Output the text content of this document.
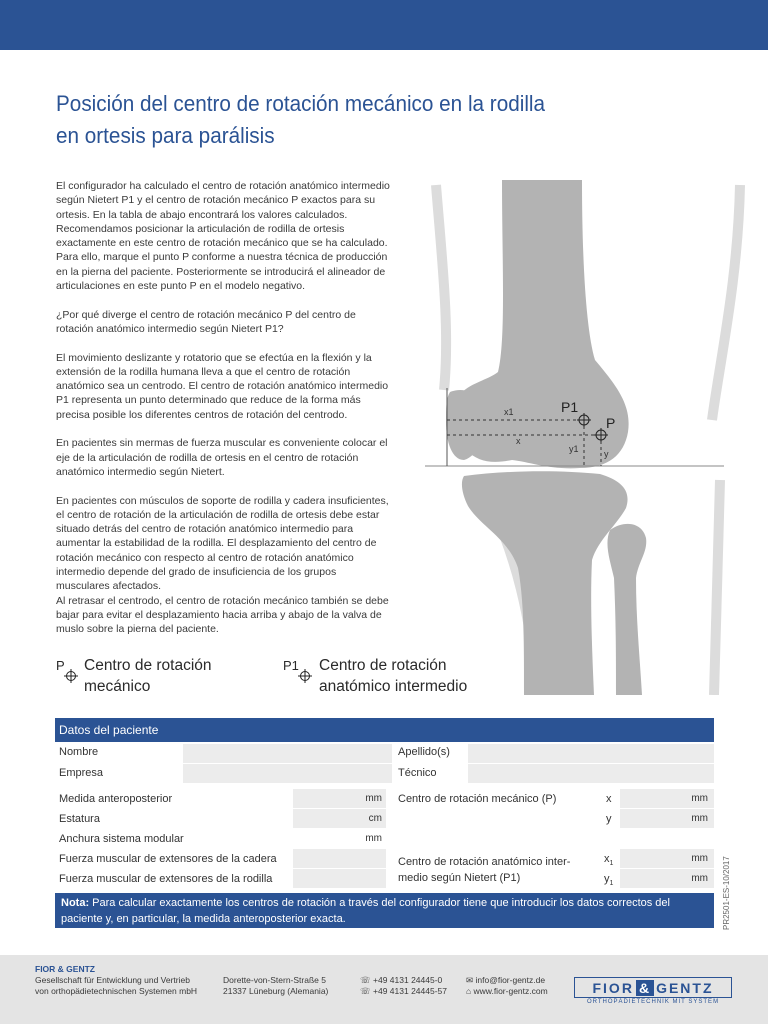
Posición del centro de rotación mecánico en la rodilla
en ortesis para parálisis

El configurador ha calculado el centro de rotación anatómico intermedio según Nietert P1 y el centro de rotación mecánico P exactos para su ortesis. En la tabla de abajo encontrará los valores calculados. Recomendamos posicionar la articulación de rodilla de ortesis exactamente en este centro de rotación mecánico que se ha calculado. Para ello, marque el punto P conforme a nuestra técnica de producción en la pierna del paciente. Posteriormente se introducirá el alineador de articulaciones en este punto P en el modelo negativo.

¿Por qué diverge el centro de rotación mecánico P del centro de rotación anatómico intermedio según Nietert P1?

El movimiento deslizante y rotatorio que se efectúa en la flexión y la extensión de la rodilla humana lleva a que el centro de rotación anatómico sea un centrodo. El centro de rotación anatómico intermedio P1 representa un punto determinado que reduce de la forma más precisa posible los diferentes centros de rotación del centrodo.

En pacientes sin mermas de fuerza muscular es conveniente colocar el eje de la articulación de rodilla de ortesis en el centro de rotación anatómico intermedio según Nietert.

En pacientes con músculos de soporte de rodilla y cadera insuficientes, el centro de rotación de la articulación de rodilla de ortesis debe estar situado detrás del centro de rotación anatómico intermedio para aumentar la estabilidad de la rodilla. El desplazamiento del centro de rotación mecánico con respecto al centro de rotación anatómico intermedio depende del grado de insuficiencia de los grupos musculares afectados.

Al retrasar el centrodo, el centro de rotación mecánico también se debe bajar para evitar el desplazamiento hacia arriba y abajo de la valva de muslo sobre la pierna del paciente.

P1
P
x1
x
y1	y
P Centro de rotación
mecánico
P1 Centro de rotación
anatómico intermedio
Datos del paciente
Nombre	Apellido(s)
Empresa	Técnico
Medida anteroposterior	mm
Estatura	cm
Anchura sistema modular	mm
Fuerza muscular de extensores de la cadera
Fuerza muscular de extensores de la rodilla
Centro de rotación mecánico (P)	x	mm
y	mm
Centro de rotación anatómico inter-
medio según Nietert (P1)
$x_1$	mm
$y_1$	mm
Nota: Para calcular exactamente los centros de rotación a través del configurador tiene que introducir los datos correctos del paciente y, en particular, la medida anteroposterior exacta.	PR2501-ES-10/2017
FIOR & GENTZ
Gesellschaft für Entwicklung und Vertrieb
von orthopädietechnischen Systemen mbH
Dorette-von-Stern-Straße 5
21337 Lüneburg (Alemania)
☏ +49 4131 24445-0
☏ +49 4131 24445-57
✉ info@fior-gentz.de
⌂ www.fior-gentz.com	FIOR & GENTZ
ORTHOPÄDIETECHNIK MIT SYSTEM
